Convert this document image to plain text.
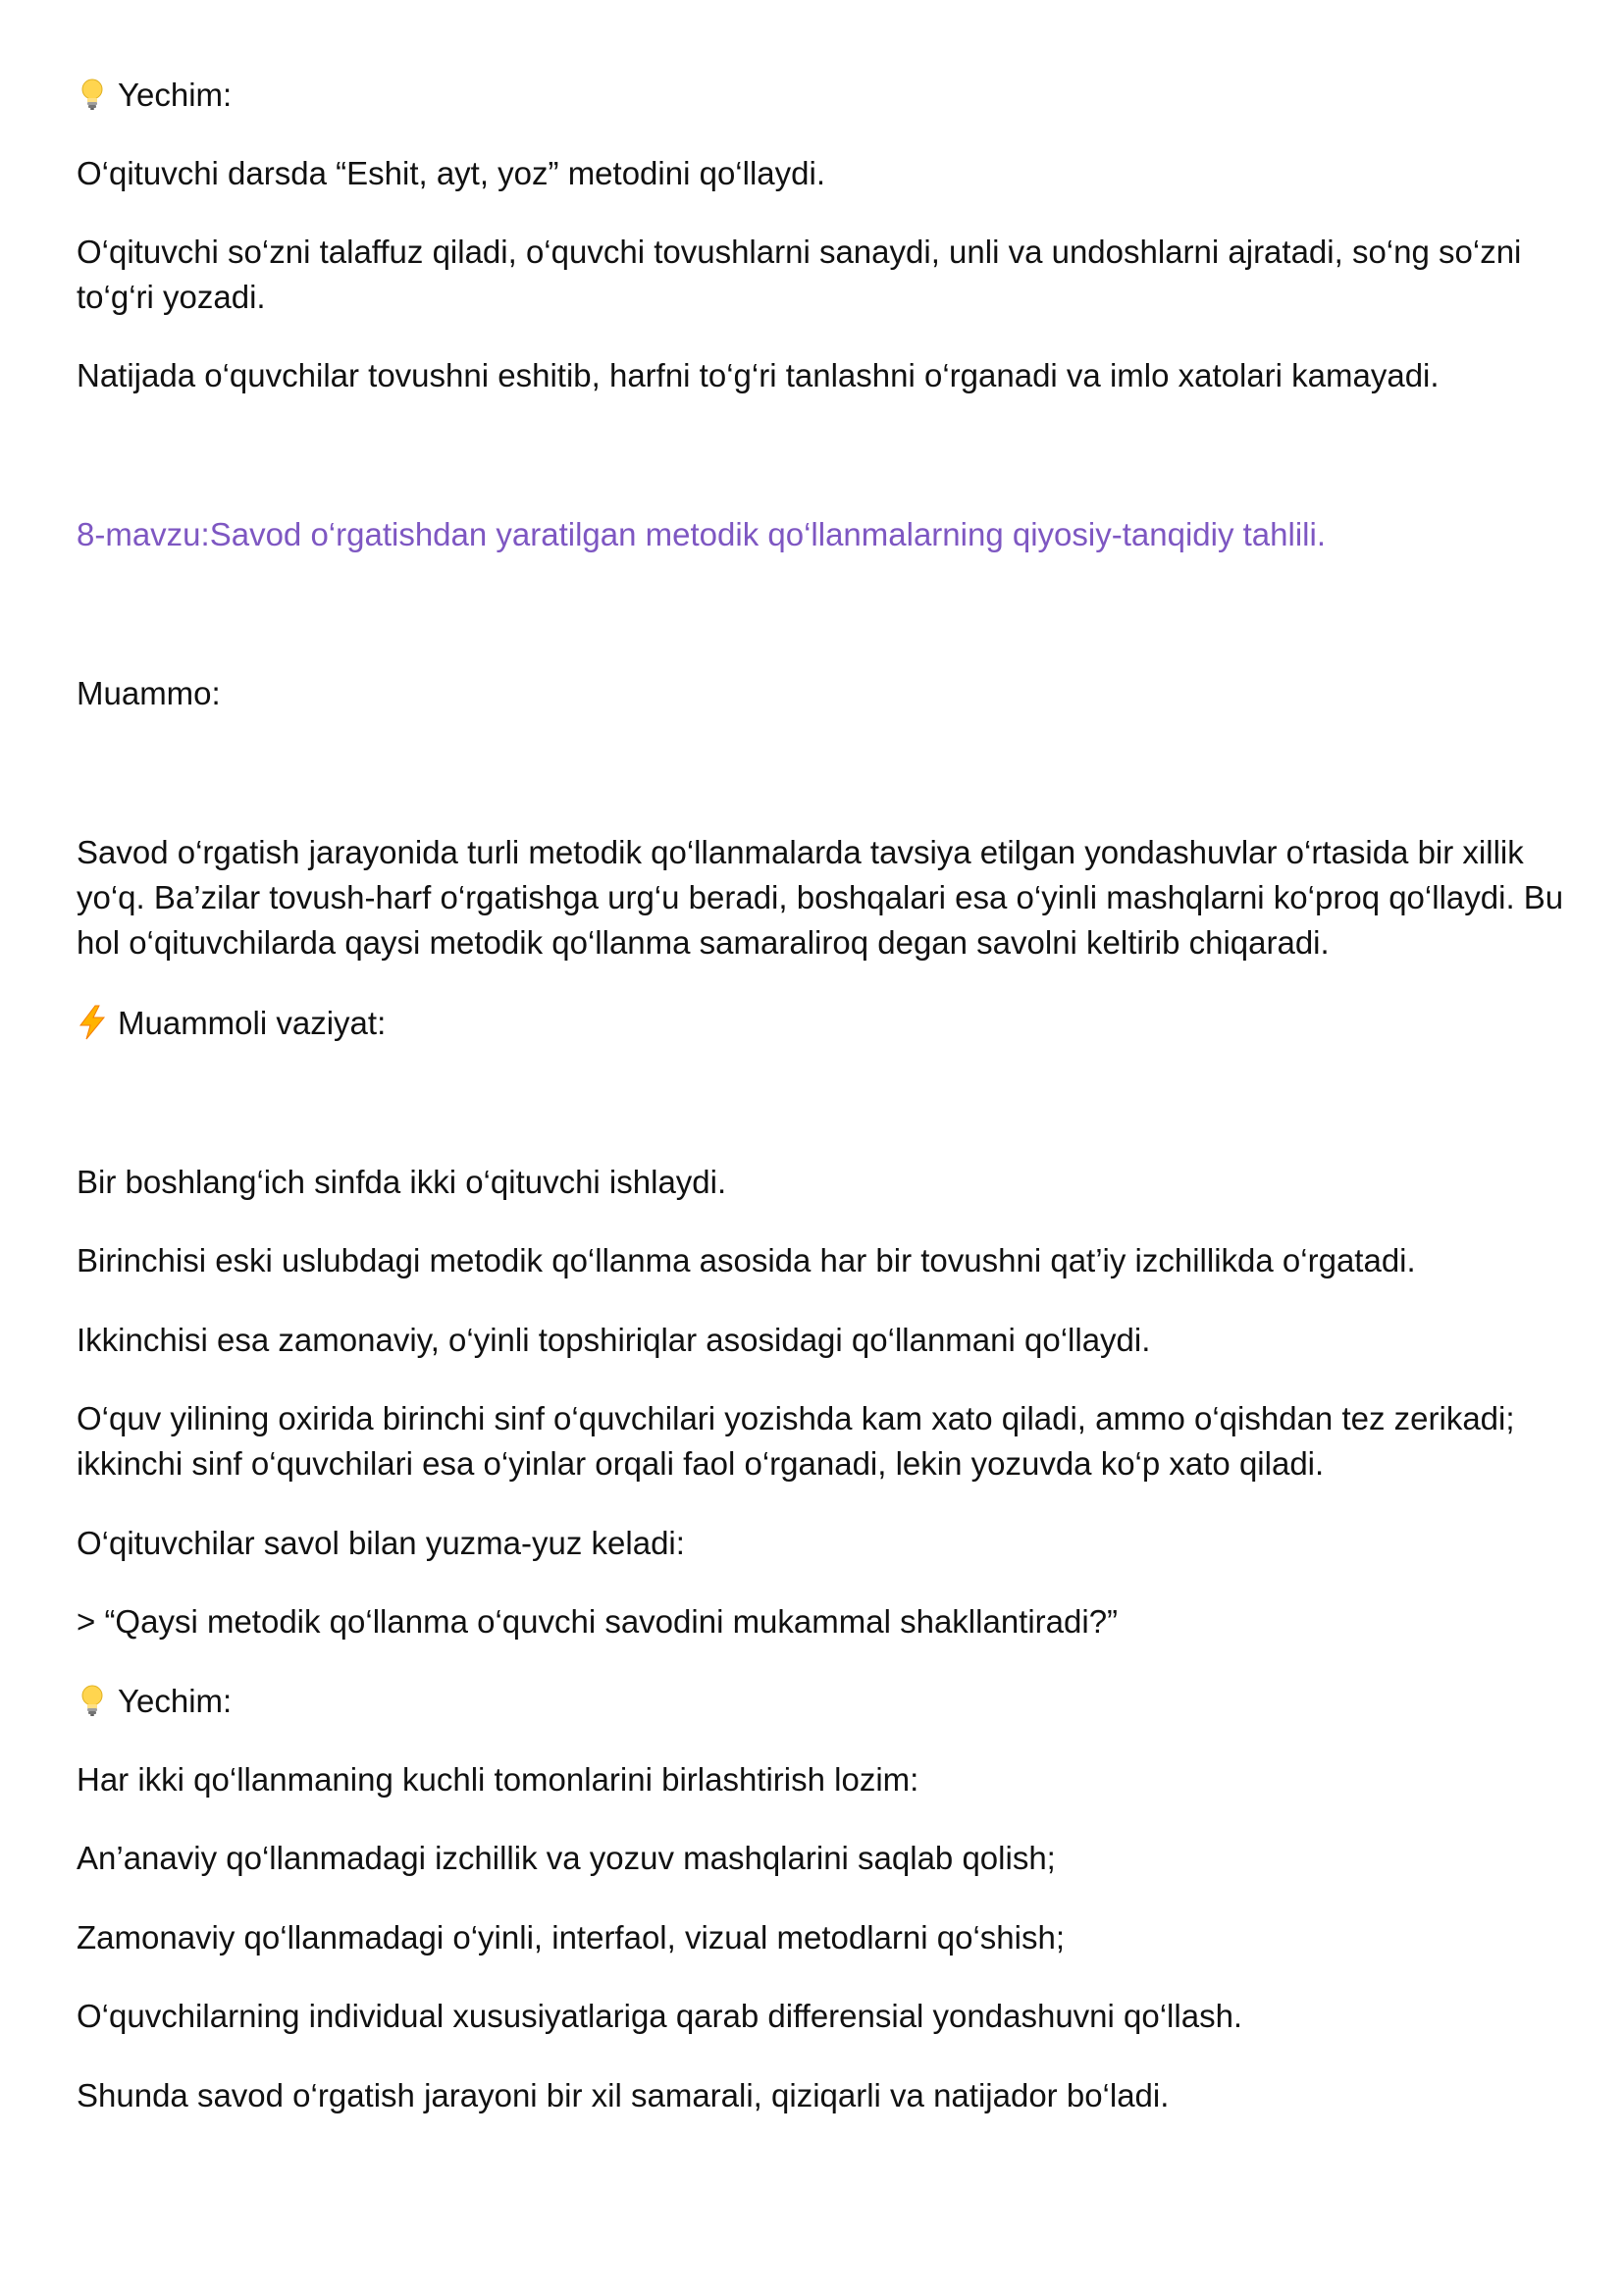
Yechim:

O‘qituvchi darsda “Eshit, ayt, yoz” metodini qo‘llaydi.

O‘qituvchi so‘zni talaffuz qiladi, o‘quvchi tovushlarni sanaydi, unli va undoshlarni ajratadi, so‘ng so‘zni to‘g‘ri yozadi.

Natijada o‘quvchilar tovushni eshitib, harfni to‘g‘ri tanlashni o‘rganadi va imlo xatolari kamayadi.

8-mavzu:Savod o‘rgatishdan yaratilgan metodik qo‘llanmalarning qiyosiy-tanqidiy tahlili.

Muammo:

Savod o‘rgatish jarayonida turli metodik qo‘llanmalarda tavsiya etilgan yondashuvlar o‘rtasida bir xillik yo‘q. Ba’zilar tovush-harf o‘rgatishga urg‘u beradi, boshqalari esa o‘yinli mashqlarni ko‘proq qo‘llaydi. Bu hol o‘qituvchilarda qaysi metodik qo‘llanma samaraliroq degan savolni keltirib chiqaradi.

Muammoli vaziyat:

Bir boshlang‘ich sinfda ikki o‘qituvchi ishlaydi.

Birinchisi eski uslubdagi metodik qo‘llanma asosida har bir tovushni qat’iy izchillikda o‘rgatadi.

Ikkinchisi esa zamonaviy, o‘yinli topshiriqlar asosidagi qo‘llanmani qo‘llaydi.

O‘quv yilining oxirida birinchi sinf o‘quvchilari yozishda kam xato qiladi, ammo o‘qishdan tez zerikadi; ikkinchi sinf o‘quvchilari esa o‘yinlar orqali faol o‘rganadi, lekin yozuvda ko‘p xato qiladi.

O‘qituvchilar savol bilan yuzma-yuz keladi:

> “Qaysi metodik qo‘llanma o‘quvchi savodini mukammal shakllantiradi?”

Yechim:

Har ikki qo‘llanmaning kuchli tomonlarini birlashtirish lozim:

An’anaviy qo‘llanmadagi izchillik va yozuv mashqlarini saqlab qolish;

Zamonaviy qo‘llanmadagi o‘yinli, interfaol, vizual metodlarni qo‘shish;

O‘quvchilarning individual xususiyatlariga qarab differensial yondashuvni qo‘llash.

Shunda savod o‘rgatish jarayoni bir xil samarali, qiziqarli va natijador bo‘ladi.
